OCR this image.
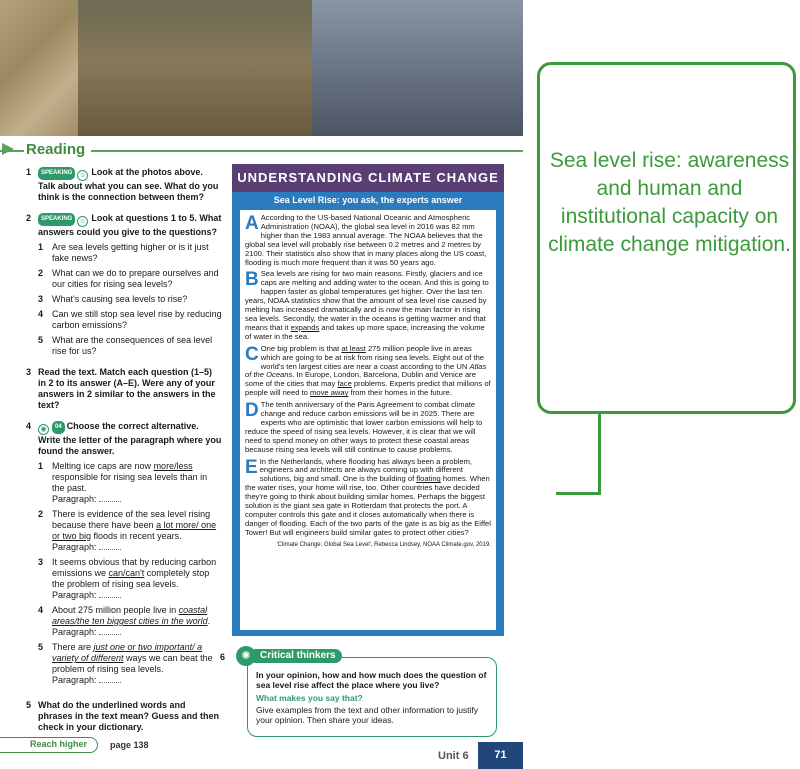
Reading
1 SPEAKING ☺ Look at the photos above. Talk about what you can see. What do you think is the connection between them?
2 SPEAKING ☺ Look at questions 1 to 5. What answers could you give to the questions?
1 Are sea levels getting higher or is it just fake news?
2 What can we do to prepare ourselves and our cities for rising sea levels?
3 What's causing sea levels to rise?
4 Can we still stop sea level rise by reducing carbon emissions?
5 What are the consequences of sea level rise for us?
3 Read the text. Match each question (1–5) in 2 to its answer (A–E). Were any of your answers in 2 similar to the answers in the text?
4 ◉ 04 Choose the correct alternative. Write the letter of the paragraph where you found the answer.
1 Melting ice caps are now more/less responsible for rising sea levels than in the past.
Paragraph:
2 There is evidence of the sea level rising because there have been a lot more/ one or two big floods in recent years.
Paragraph:
3 It seems obvious that by reducing carbon emissions we can/can't completely stop the problem of rising sea levels.
Paragraph:
4 About 275 million people live in coastal areas/the ten biggest cities in the world. Paragraph:
5 There are just one or two important/ a variety of different ways we can beat the problem of rising sea levels.
Paragraph:
5 What do the underlined words and phrases in the text mean? Guess and then check in your dictionary.
Reach higher	page 138
UNDERSTANDING CLIMATE CHANGE
Sea Level Rise: you ask, the experts answer

A According to the US-based National Oceanic and Atmospheric Administration (NOAA), the global sea level in 2016 was 82 mm higher than the 1983 annual average. The NOAA believes that the global sea level will probably rise between 0.2 metres and 2 metres by 2100. Their statistics also show that in many places along the US coast, flooding is much more frequent than it was 50 years ago.

B Sea levels are rising for two main reasons. Firstly, glaciers and ice caps are melting and adding water to the ocean. And this is going to happen faster as global temperatures get higher. Over the last ten years, NOAA statistics show that the amount of sea level rise caused by melting has increased dramatically and is now the main factor in rising sea levels. Secondly, the water in the oceans is getting warmer and that means that it expands and takes up more space, increasing the volume of water in the sea.

C One big problem is that at least 275 million people live in areas which are going to be at risk from rising sea levels. Eight out of the world's ten largest cities are near a coast according to the UN Atlas of the Oceans. In Europe, London, Barcelona, Dublin and Venice are some of the cities that may face problems. Experts predict that millions of people will need to move away from their homes in the future.

D The tenth anniversary of the Paris Agreement to combat climate change and reduce carbon emissions will be in 2025. There are experts who are optimistic that lower carbon emissions will help to reduce the speed of rising sea levels. However, it is clear that we will need to spend money on other ways to protect these coastal areas because rising sea levels will still continue to cause problems.

E In the Netherlands, where flooding has always been a problem, engineers and architects are always coming up with different solutions, big and small. One is the building of floating homes. When the water rises, your home will rise, too. Other countries have decided they're going to think about building similar homes. Perhaps the biggest solution is the giant sea gate in Rotterdam that protects the port. A computer controls this gate and it closes automatically when there is danger of flooding. Each of the two parts of the gate is as big as the Eiffel Tower! But will engineers build similar gates to protect other cities?

'Climate Change: Global Sea Level', Rebecca Lindsey, NOAA Climate.gov, 2019.

6	✺ Critical thinkers

In your opinion, how and how much does the question of sea level rise affect the place where you live?

What makes you say that?

Give examples from the text and other information to justify your opinion. Then share your ideas.

Unit 6	71
Sea level rise: awareness and human and institutional capacity on climate change mitigation.
